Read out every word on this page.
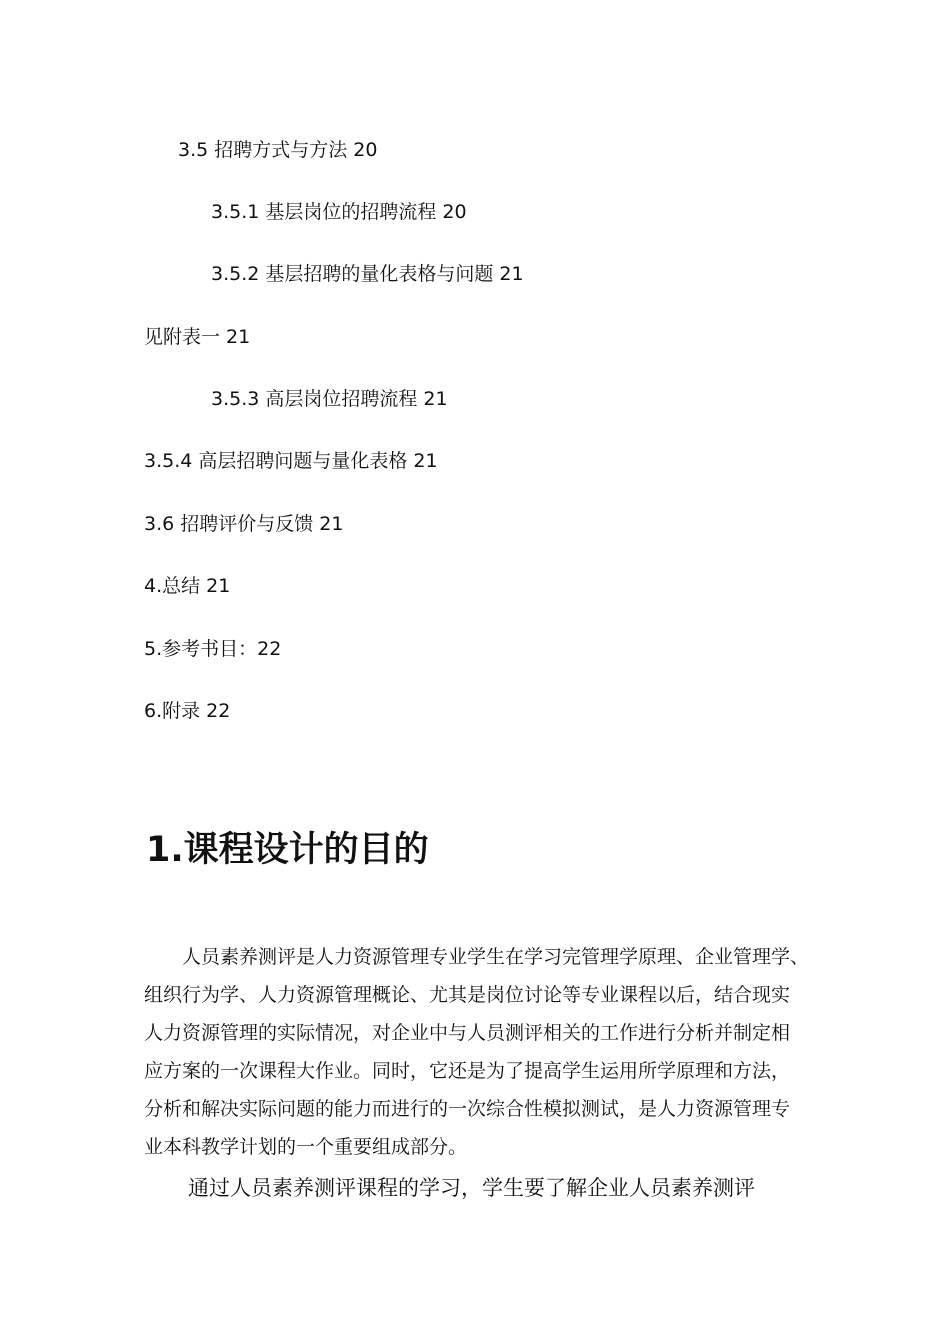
3.5 招聘方式与方法 20
3.5.1 基层岗位的招聘流程 20
3.5.2 基层招聘的量化表格与问题 21
见附表一 21
3.5.3 高层岗位招聘流程 21
3.5.4 高层招聘问题与量化表格 21
3.6 招聘评价与反馈 21
4.总结 21
5.参考书目：22
6.附录 22
1.课程设计的目的
人员素养测评是人力资源管理专业学生在学习完管理学原理、企业管理学、
组织行为学、人力资源管理概论、尤其是岗位讨论等专业课程以后，结合现实
人力资源管理的实际情况，对企业中与人员测评相关的工作进行分析并制定相
应方案的一次课程大作业。同时，它还是为了提高学生运用所学原理和方法，
分析和解决实际问题的能力而进行的一次综合性模拟测试，是人力资源管理专
业本科教学计划的一个重要组成部分。
通过人员素养测评课程的学习，学生要了解企业人员素养测评
